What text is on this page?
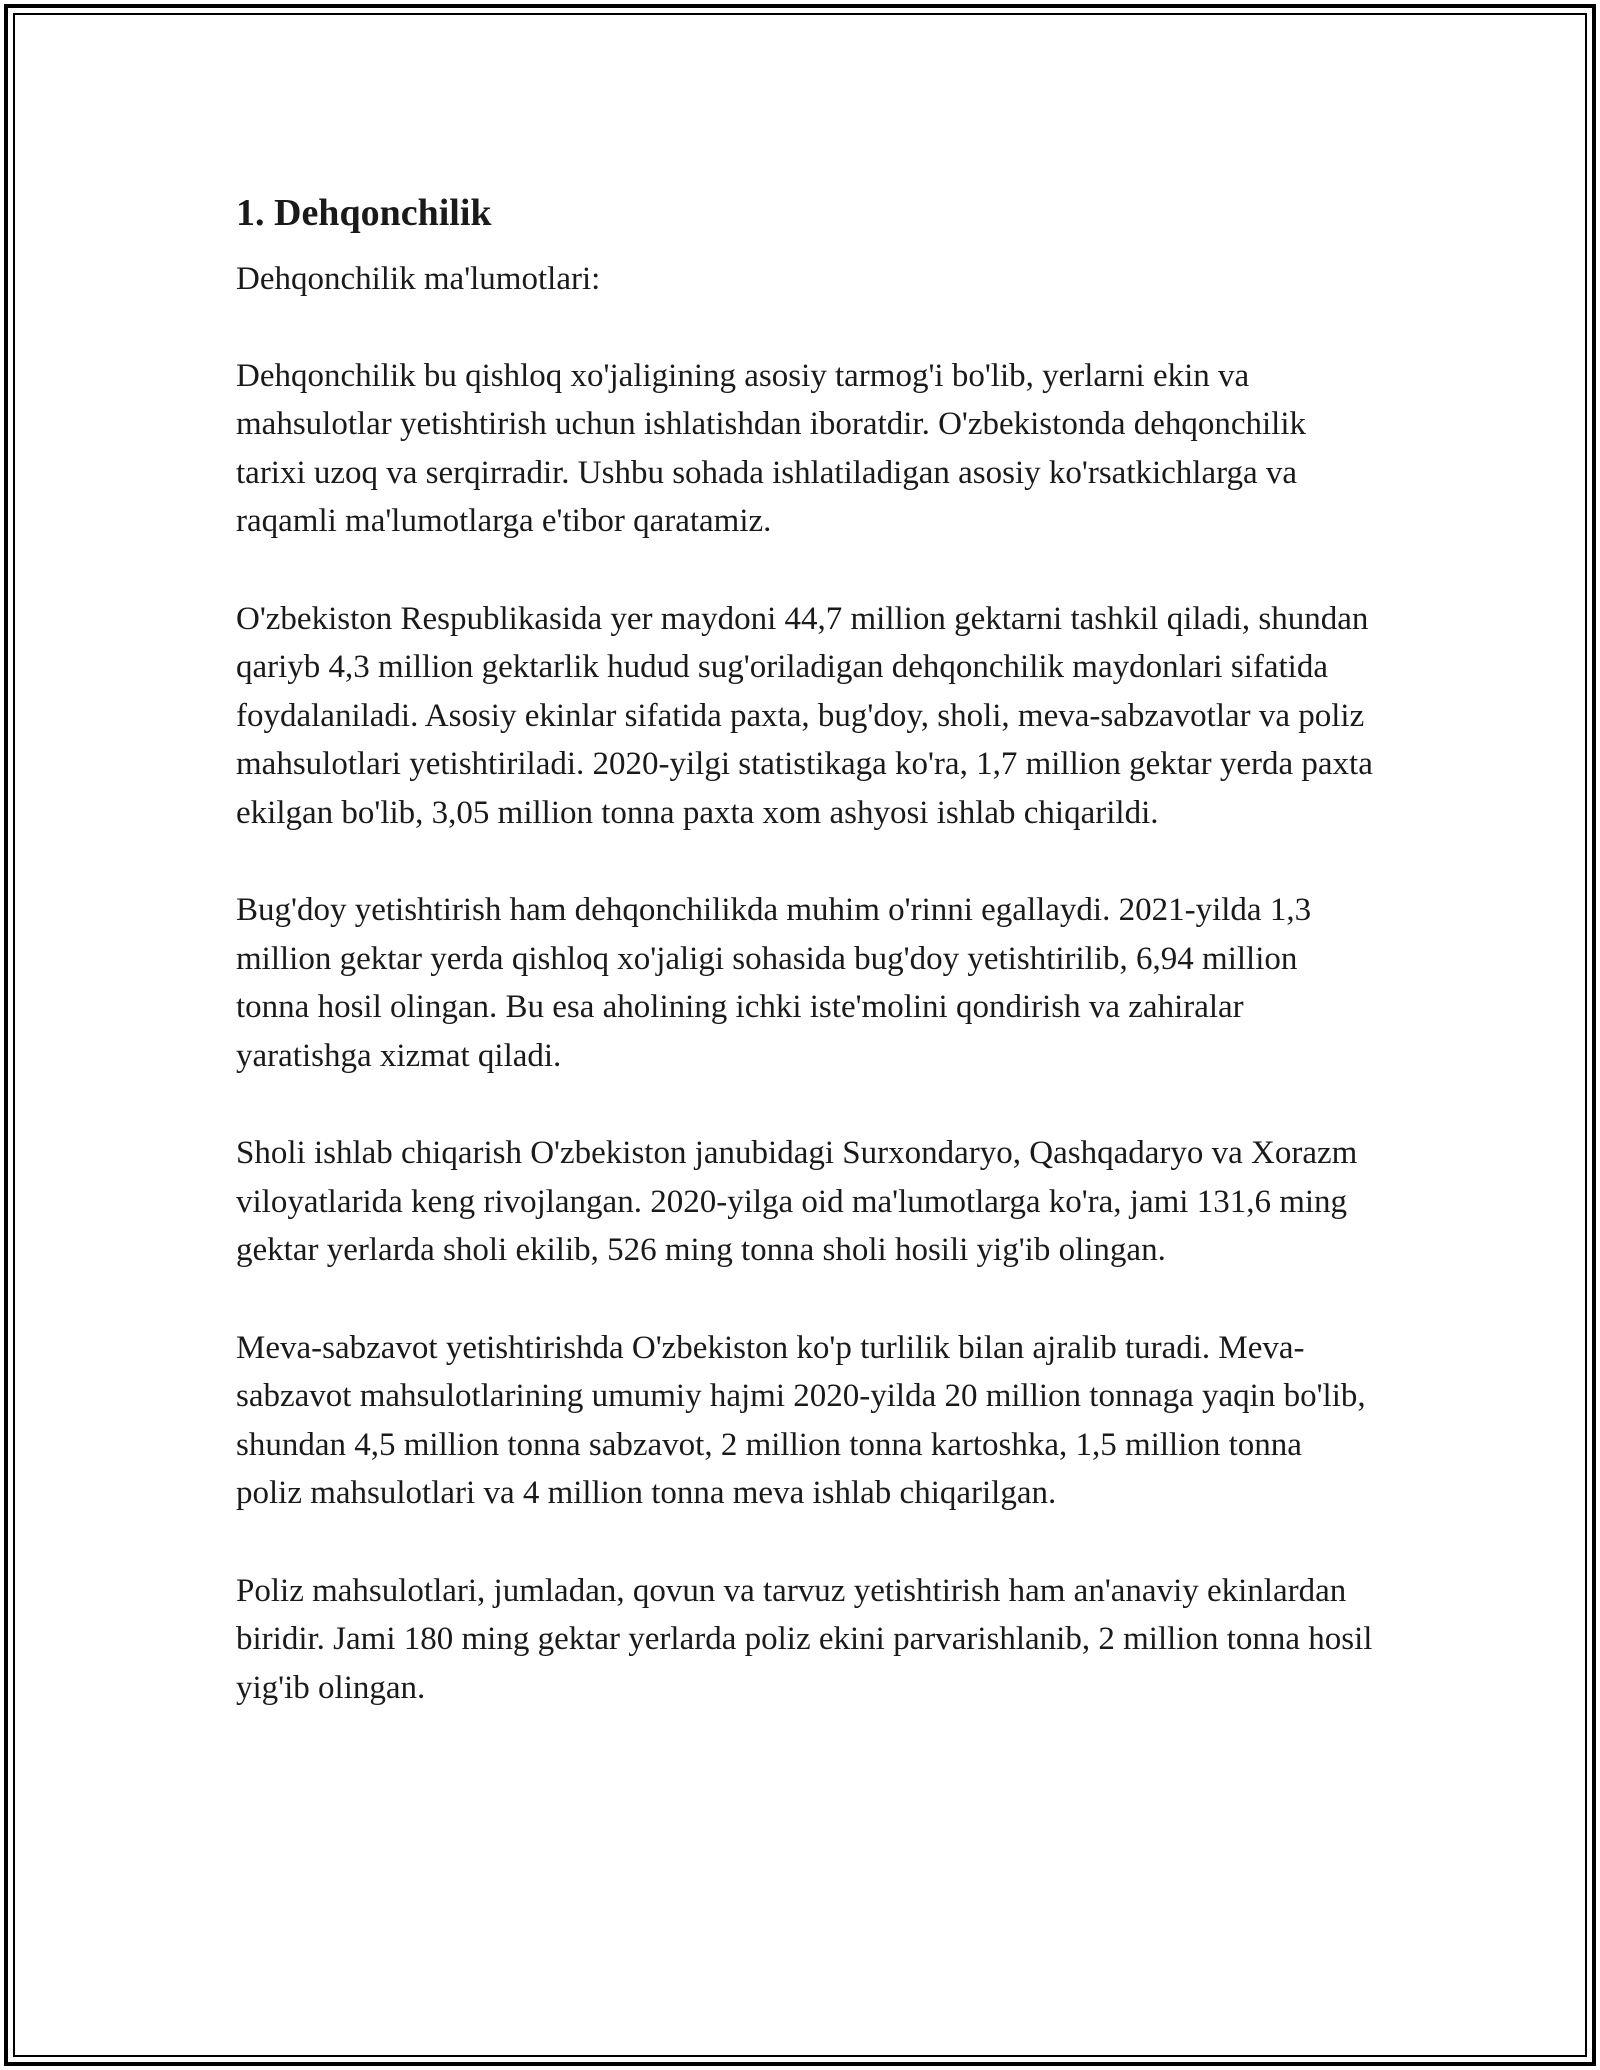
1. Dehqonchilik

Dehqonchilik ma'lumotlari:

Dehqonchilik bu qishloq xo'jaligining asosiy tarmog'i bo'lib, yerlarni ekin va mahsulotlar yetishtirish uchun ishlatishdan iboratdir. O'zbekistonda dehqonchilik tarixi uzoq va serqirradir. Ushbu sohada ishlatiladigan asosiy ko'rsatkichlarga va raqamli ma'lumotlarga e'tibor qaratamiz.

O'zbekiston Respublikasida yer maydoni 44,7 million gektarni tashkil qiladi, shundan qariyb 4,3 million gektarlik hudud sug'oriladigan dehqonchilik maydonlari sifatida foydalaniladi. Asosiy ekinlar sifatida paxta, bug'doy, sholi, meva-sabzavotlar va poliz mahsulotlari yetishtiriladi. 2020-yilgi statistikaga ko'ra, 1,7 million gektar yerda paxta ekilgan bo'lib, 3,05 million tonna paxta xom ashyosi ishlab chiqarildi.

Bug'doy yetishtirish ham dehqonchilikda muhim o'rinni egallaydi. 2021-yilda 1,3 million gektar yerda qishloq xo'jaligi sohasida bug'doy yetishtirilib, 6,94 million tonna hosil olingan. Bu esa aholining ichki iste'molini qondirish va zahiralar yaratishga xizmat qiladi.

Sholi ishlab chiqarish O'zbekiston janubidagi Surxondaryo, Qashqadaryo va Xorazm viloyatlarida keng rivojlangan. 2020-yilga oid ma'lumotlarga ko'ra, jami 131,6 ming gektar yerlarda sholi ekilib, 526 ming tonna sholi hosili yig'ib olingan.

Meva-sabzavot yetishtirishda O'zbekiston ko'p turlilik bilan ajralib turadi. Meva-sabzavot mahsulotlarining umumiy hajmi 2020-yilda 20 million tonnaga yaqin bo'lib, shundan 4,5 million tonna sabzavot, 2 million tonna kartoshka, 1,5 million tonna poliz mahsulotlari va 4 million tonna meva ishlab chiqarilgan.

Poliz mahsulotlari, jumladan, qovun va tarvuz yetishtirish ham an'anaviy ekinlardan biridir. Jami 180 ming gektar yerlarda poliz ekini parvarishlanib, 2 million tonna hosil yig'ib olingan.
